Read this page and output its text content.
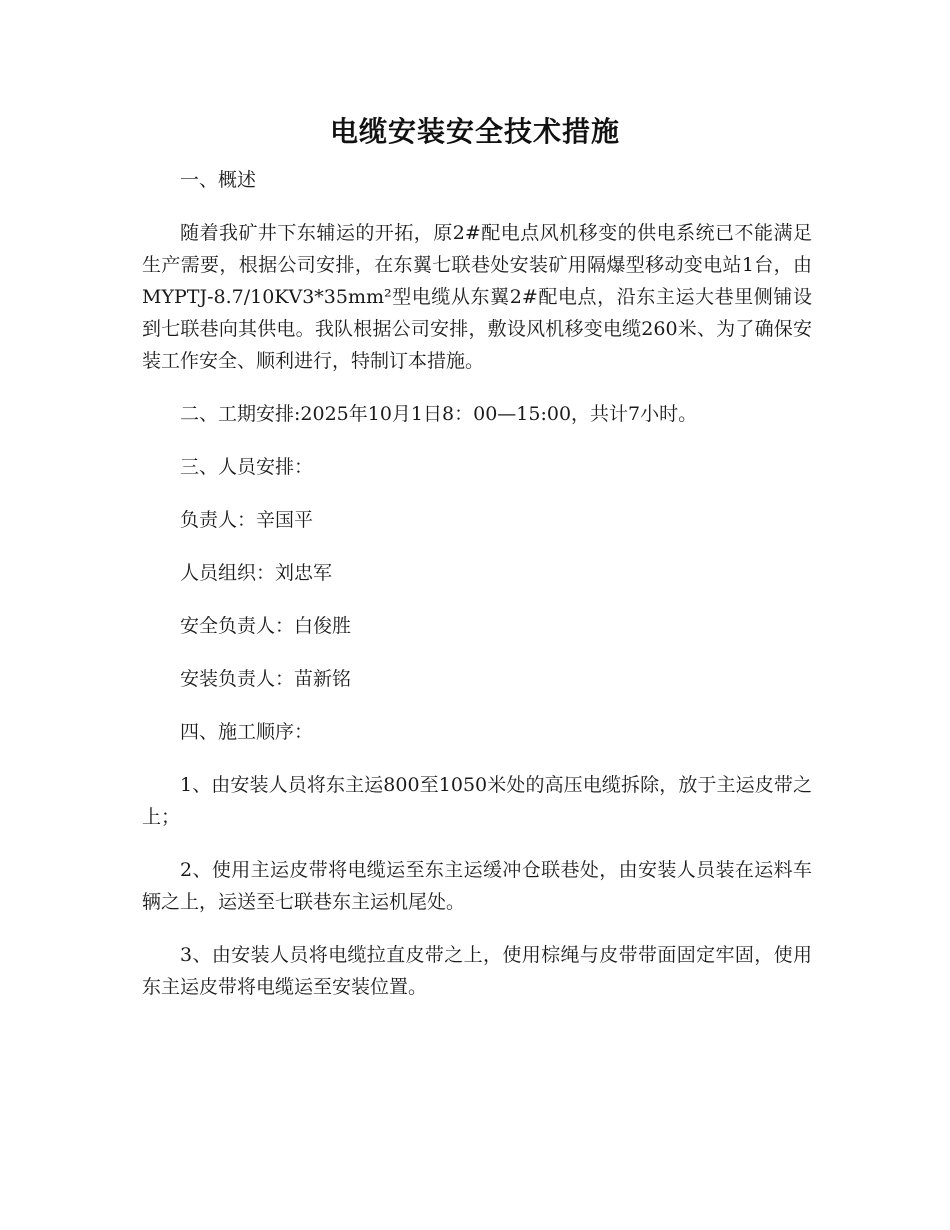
电缆安装安全技术措施

一、概述

随着我矿井下东辅运的开拓，原2#配电点风机移变的供电系统已不能满足生产需要，根据公司安排，在东翼七联巷处安装矿用隔爆型移动变电站1台，由MYPTJ-8.7/10KV3*35mm²型电缆从东翼2#配电点，沿东主运大巷里侧铺设到七联巷向其供电。我队根据公司安排，敷设风机移变电缆260米、为了确保安装工作安全、顺利进行，特制订本措施。

二、工期安排:2025年10月1日8：00—15:00，共计7小时。

三、人员安排：

负责人：辛国平

人员组织：刘忠军

安全负责人：白俊胜

安装负责人：苗新铭

四、施工顺序：

1、由安装人员将东主运800至1050米处的高压电缆拆除，放于主运皮带之上；

2、使用主运皮带将电缆运至东主运缓冲仓联巷处，由安装人员装在运料车辆之上，运送至七联巷东主运机尾处。

3、由安装人员将电缆拉直皮带之上，使用棕绳与皮带带面固定牢固，使用东主运皮带将电缆运至安装位置。
